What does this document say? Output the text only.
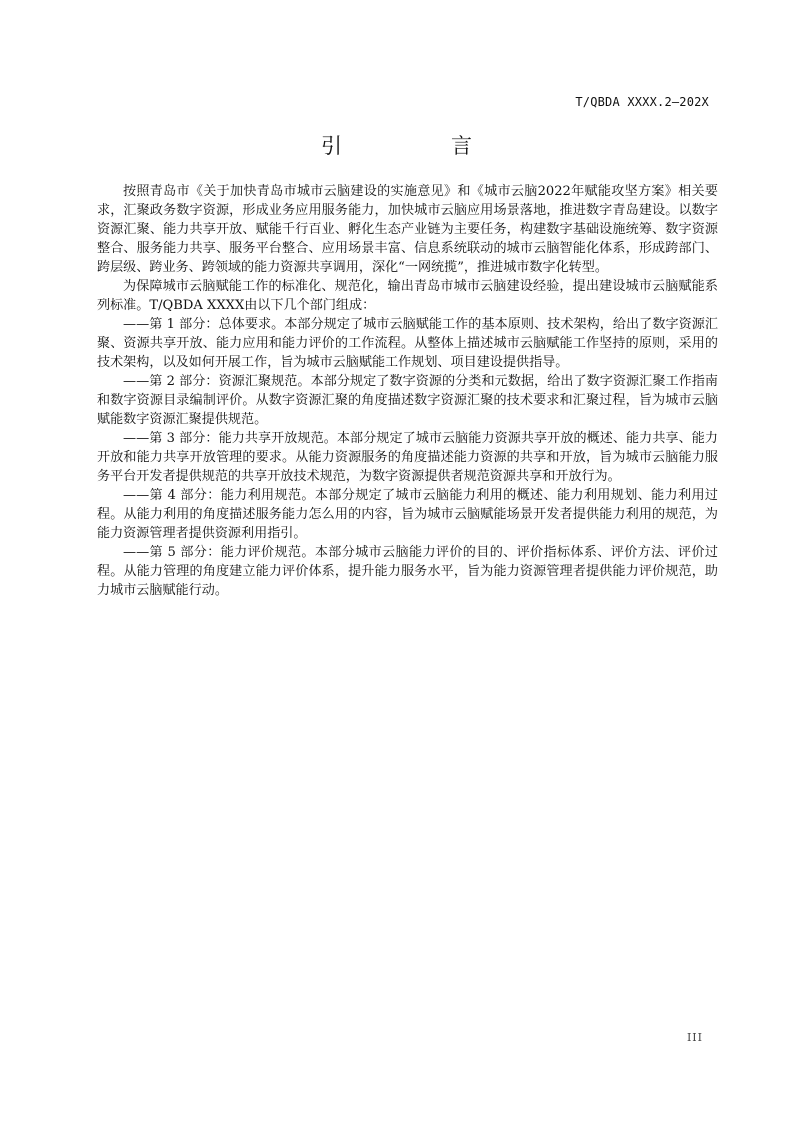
T/QBDA XXXX.2—202X
引　言

按照青岛市《关于加快青岛市城市云脑建设的实施意见》和《城市云脑2022年赋能攻坚方案》相关要求，汇聚政务数字资源，形成业务应用服务能力，加快城市云脑应用场景落地，推进数字青岛建设。以数字资源汇聚、能力共享开放、赋能千行百业、孵化生态产业链为主要任务，构建数字基础设施统筹、数字资源整合、服务能力共享、服务平台整合、应用场景丰富、信息系统联动的城市云脑智能化体系，形成跨部门、跨层级、跨业务、跨领域的能力资源共享调用，深化“一网统揽”，推进城市数字化转型。

为保障城市云脑赋能工作的标准化、规范化，输出青岛市城市云脑建设经验，提出建设城市云脑赋能系列标准。T/QBDA XXXX由以下几个部门组成：

——第 1 部分：总体要求。本部分规定了城市云脑赋能工作的基本原则、技术架构，给出了数字资源汇聚、资源共享开放、能力应用和能力评价的工作流程。从整体上描述城市云脑赋能工作坚持的原则，采用的技术架构，以及如何开展工作，旨为城市云脑赋能工作规划、项目建设提供指导。

——第 2 部分：资源汇聚规范。本部分规定了数字资源的分类和元数据，给出了数字资源汇聚工作指南和数字资源目录编制评价。从数字资源汇聚的角度描述数字资源汇聚的技术要求和汇聚过程，旨为城市云脑赋能数字资源汇聚提供规范。

——第 3 部分：能力共享开放规范。本部分规定了城市云脑能力资源共享开放的概述、能力共享、能力开放和能力共享开放管理的要求。从能力资源服务的角度描述能力资源的共享和开放，旨为城市云脑能力服务平台开发者提供规范的共享开放技术规范，为数字资源提供者规范资源共享和开放行为。

——第 4 部分：能力利用规范。本部分规定了城市云脑能力利用的概述、能力利用规划、能力利用过程。从能力利用的角度描述服务能力怎么用的内容，旨为城市云脑赋能场景开发者提供能力利用的规范，为能力资源管理者提供资源利用指引。

——第 5 部分：能力评价规范。本部分城市云脑能力评价的目的、评价指标体系、评价方法、评价过程。从能力管理的角度建立能力评价体系，提升能力服务水平，旨为能力资源管理者提供能力评价规范，助力城市云脑赋能行动。

III
